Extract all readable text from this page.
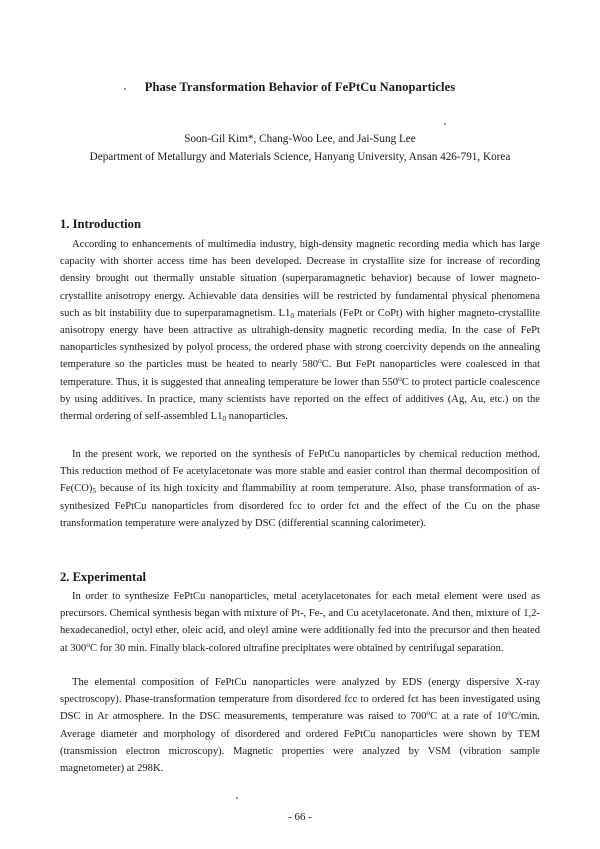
Phase Transformation Behavior of FePtCu Nanoparticles
Soon-Gil Kim*, Chang-Woo Lee, and Jai-Sung Lee
Department of Metallurgy and Materials Science, Hanyang University, Ansan 426-791, Korea
1. Introduction

According to enhancements of multimedia industry, high-density magnetic recording media which has large capacity with shorter access time has been developed. Decrease in crystallite size for increase of recording density brought out thermally unstable situation (superparamagnetic behavior) because of lower magneto-crystallite anisotropy energy. Achievable data densities will be restricted by fundamental physical phenomena such as bit instability due to superparamagnetism. $L1_0$ materials (FePt or CoPt) with higher magneto-crystallite anisotropy energy have been attractive as ultrahigh-density magnetic recording media. In the case of FePt nanoparticles synthesized by polyol process, the ordered phase with strong coercivity depends on the annealing temperature so the particles must be heated to nearly 580$^o$C. But FePt nanoparticles were coalesced in that temperature. Thus, it is suggested that annealing temperature be lower than 550$^o$C to protect particle coalescence by using additives. In practice, many scientists have reported on the effect of additives (Ag, Au, etc.) on the thermal ordering of self-assembled $L1_0$ nanoparticles.

In the present work, we reported on the synthesis of FePtCu nanoparticles by chemical reduction method. This reduction method of Fe acetylacetonate was more stable and easier control than thermal decomposition of $Fe(CO)_5$ because of its high toxicity and flammability at room temperature. Also, phase transformation of as-synthesized FePtCu nanoparticles from disordered fcc to order fct and the effect of the Cu on the phase transformation temperature were analyzed by DSC (differential scanning calorimeter).

2. Experimental

In order to synthesize FePtCu nanoparticles, metal acetylacetonates for each metal element were used as precursors. Chemical synthesis began with mixture of Pt-, Fe-, and Cu acetylacetonate. And then, mixture of 1,2-hexadecanediol, octyl ether, oleic acid, and oleyl amine were additionally fed into the precursor and then heated at 300$^o$C for 30 min. Finally black-colored ultrafine precipitates were obtained by centrifugal separation.

The elemental composition of FePtCu nanoparticles were analyzed by EDS (energy dispersive X-ray spectroscopy). Phase-transformation temperature from disordered fcc to ordered fct has been investigated using DSC in Ar atmosphere. In the DSC measurements, temperature was raised to 700$^o$C at a rate of 10$^o$C/min. Average diameter and morphology of disordered and ordered FePtCu nanoparticles were shown by TEM (transmission electron microscopy). Magnetic properties were analyzed by VSM (vibration sample magnetometer) at 298K.

- 66 -
